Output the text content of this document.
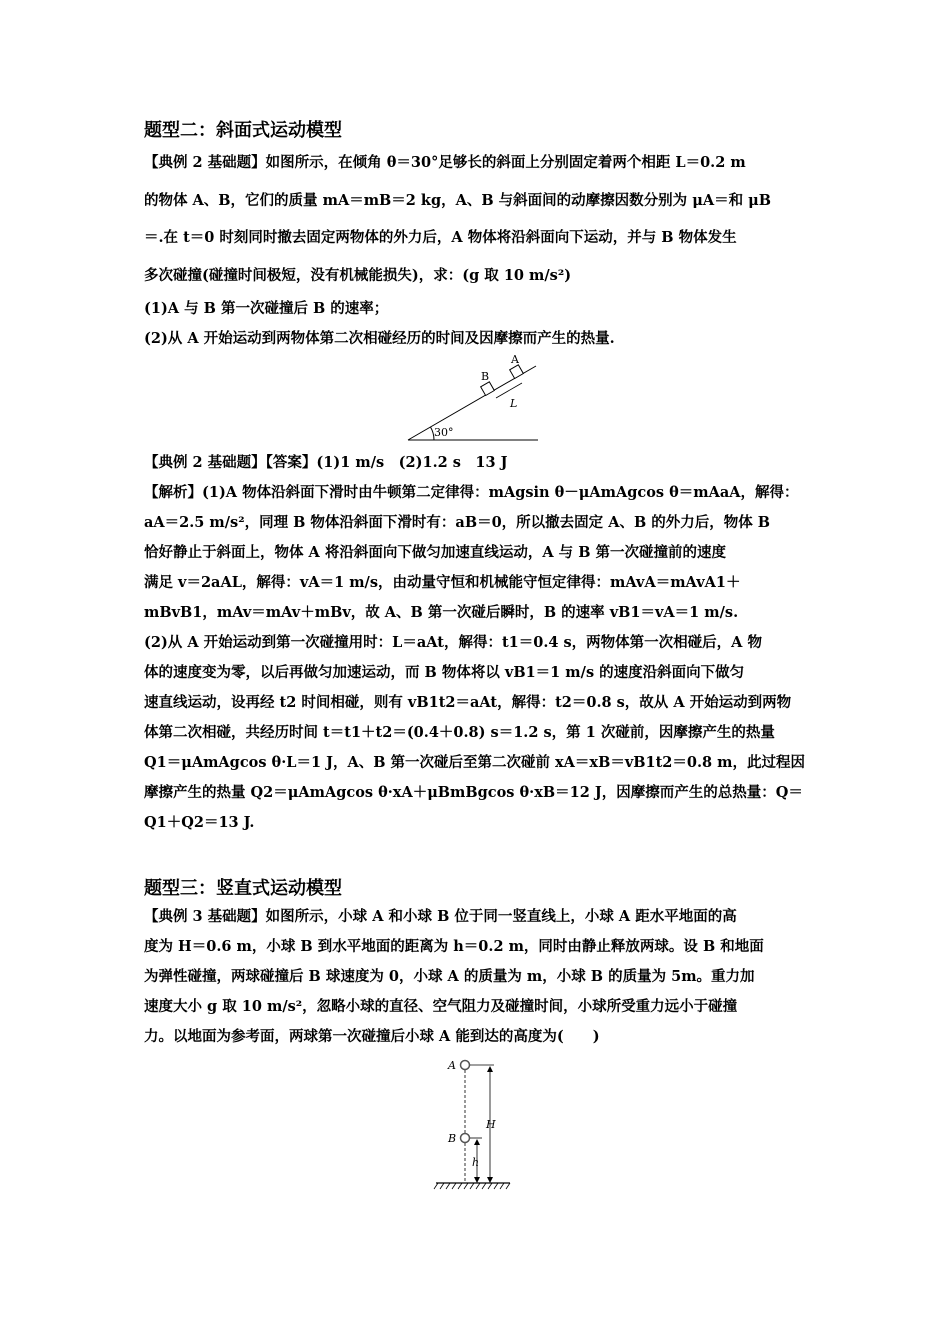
题型二：斜面式运动模型

【典例 2 基础题】如图所示，在倾角 θ＝30°足够长的斜面上分别固定着两个相距 L＝0.2 m

的物体 A、B，它们的质量 mA＝mB＝2 kg，A、B 与斜面间的动摩擦因数分别为 μA＝和 μB

＝.在 t＝0 时刻同时撤去固定两物体的外力后，A 物体将沿斜面向下运动，并与 B 物体发生

多次碰撞(碰撞时间极短，没有机械能损失)，求：(g 取 10 m/s²)

(1)A 与 B 第一次碰撞后 B 的速率；

(2)从 A 开始运动到两物体第二次相碰经历的时间及因摩擦而产生的热量.

30°
B
A
L

【典例 2 基础题】【答案】(1)1 m/s　(2)1.2 s　13 J

【解析】(1)A 物体沿斜面下滑时由牛顿第二定律得：mAgsin θ－μAmAgcos θ＝mAaA，解得：

aA＝2.5 m/s²，同理 B 物体沿斜面下滑时有：aB＝0，所以撤去固定 A、B 的外力后，物体 B

恰好静止于斜面上，物体 A 将沿斜面向下做匀加速直线运动，A 与 B 第一次碰撞前的速度

满足 v＝2aAL，解得：vA＝1 m/s，由动量守恒和机械能守恒定律得：mAvA＝mAvA1＋

mBvB1，mAv＝mAv＋mBv，故 A、B 第一次碰后瞬时，B 的速率 vB1＝vA＝1 m/s.

(2)从 A 开始运动到第一次碰撞用时：L＝aAt，解得：t1＝0.4 s，两物体第一次相碰后，A 物

体的速度变为零，以后再做匀加速运动，而 B 物体将以 vB1＝1 m/s 的速度沿斜面向下做匀

速直线运动，设再经 t2 时间相碰，则有 vB1t2＝aAt，解得：t2＝0.8 s，故从 A 开始运动到两物

体第二次相碰，共经历时间 t＝t1＋t2＝(0.4＋0.8) s＝1.2 s，第 1 次碰前，因摩擦产生的热量

Q1＝μAmAgcos θ·L＝1 J，A、B 第一次碰后至第二次碰前 xA＝xB＝vB1t2＝0.8 m，此过程因

摩擦产生的热量 Q2＝μAmAgcos θ·xA＋μBmBgcos θ·xB＝12 J，因摩擦而产生的总热量：Q＝

Q1＋Q2＝13 J.

题型三：竖直式运动模型

【典例 3 基础题】如图所示，小球 A 和小球 B 位于同一竖直线上，小球 A 距水平地面的高

度为 H＝0.6 m，小球 B 到水平地面的距离为 h＝0.2 m，同时由静止释放两球。设 B 和地面

为弹性碰撞，两球碰撞后 B 球速度为 0，小球 A 的质量为 m，小球 B 的质量为 5m。重力加

速度大小 g 取 10 m/s²，忽略小球的直径、空气阻力及碰撞时间，小球所受重力远小于碰撞

力。以地面为参考面，两球第一次碰撞后小球 A 能到达的高度为(　　)

A
B
H
h
